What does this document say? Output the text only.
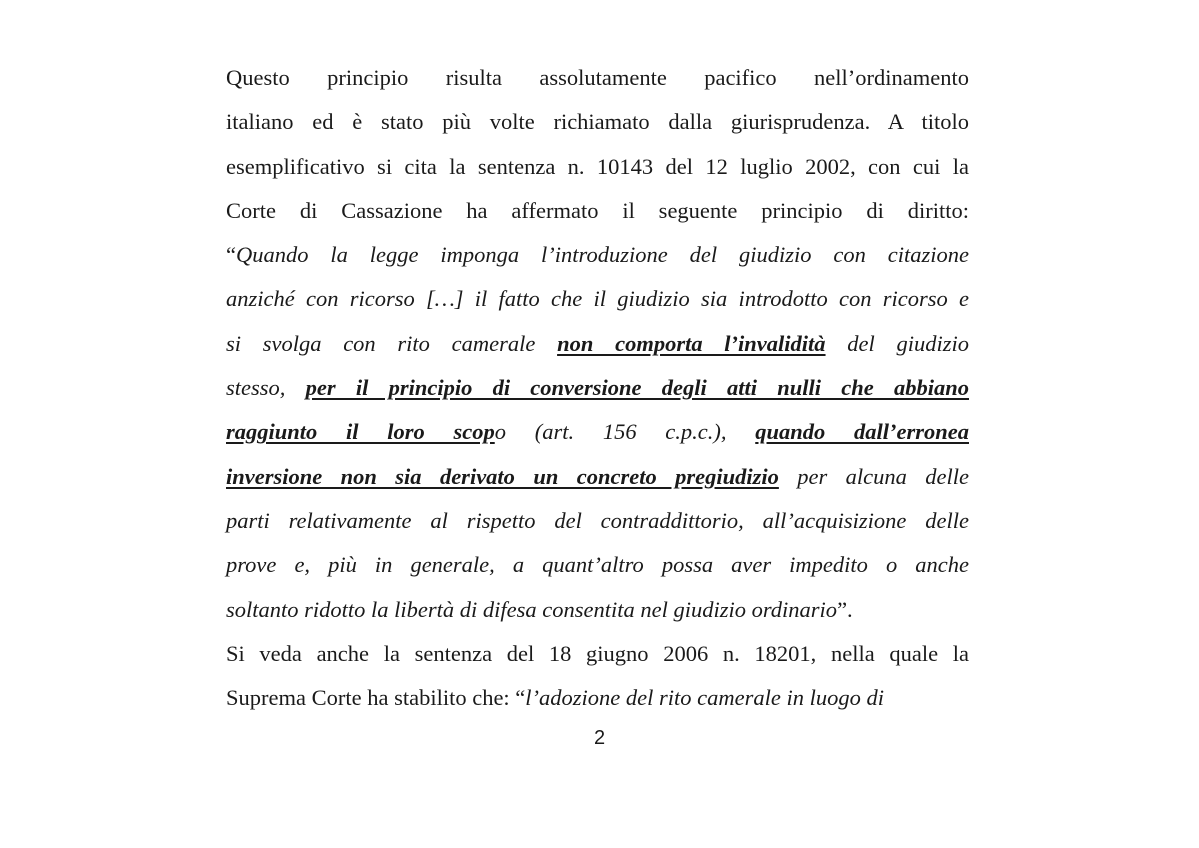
Questo principio risulta assolutamente pacifico nell’ordinamento
italiano ed è stato più volte richiamato dalla giurisprudenza. A titolo
esemplificativo si cita la sentenza n. 10143 del 12 luglio 2002, con cui la
Corte di Cassazione ha affermato il seguente principio di diritto:
“Quando la legge imponga l’introduzione del giudizio con citazione
anziché con ricorso […] il fatto che il giudizio sia introdotto con ricorso e
si svolga con rito camerale non comporta l’invalidità del giudizio
stesso, per il principio di conversione degli atti nulli che abbiano
raggiunto il loro scopo (art. 156 c.p.c.), quando dall’erronea
inversione non sia derivato un concreto pregiudizio per alcuna delle
parti relativamente al rispetto del contraddittorio, all’acquisizione delle
prove e, più in generale, a quant’altro possa aver impedito o anche
soltanto ridotto la libertà di difesa consentita nel giudizio ordinario”.
Si veda anche la sentenza del 18 giugno 2006 n. 18201, nella quale la
Suprema Corte ha stabilito che: “l’adozione del rito camerale in luogo di
2
